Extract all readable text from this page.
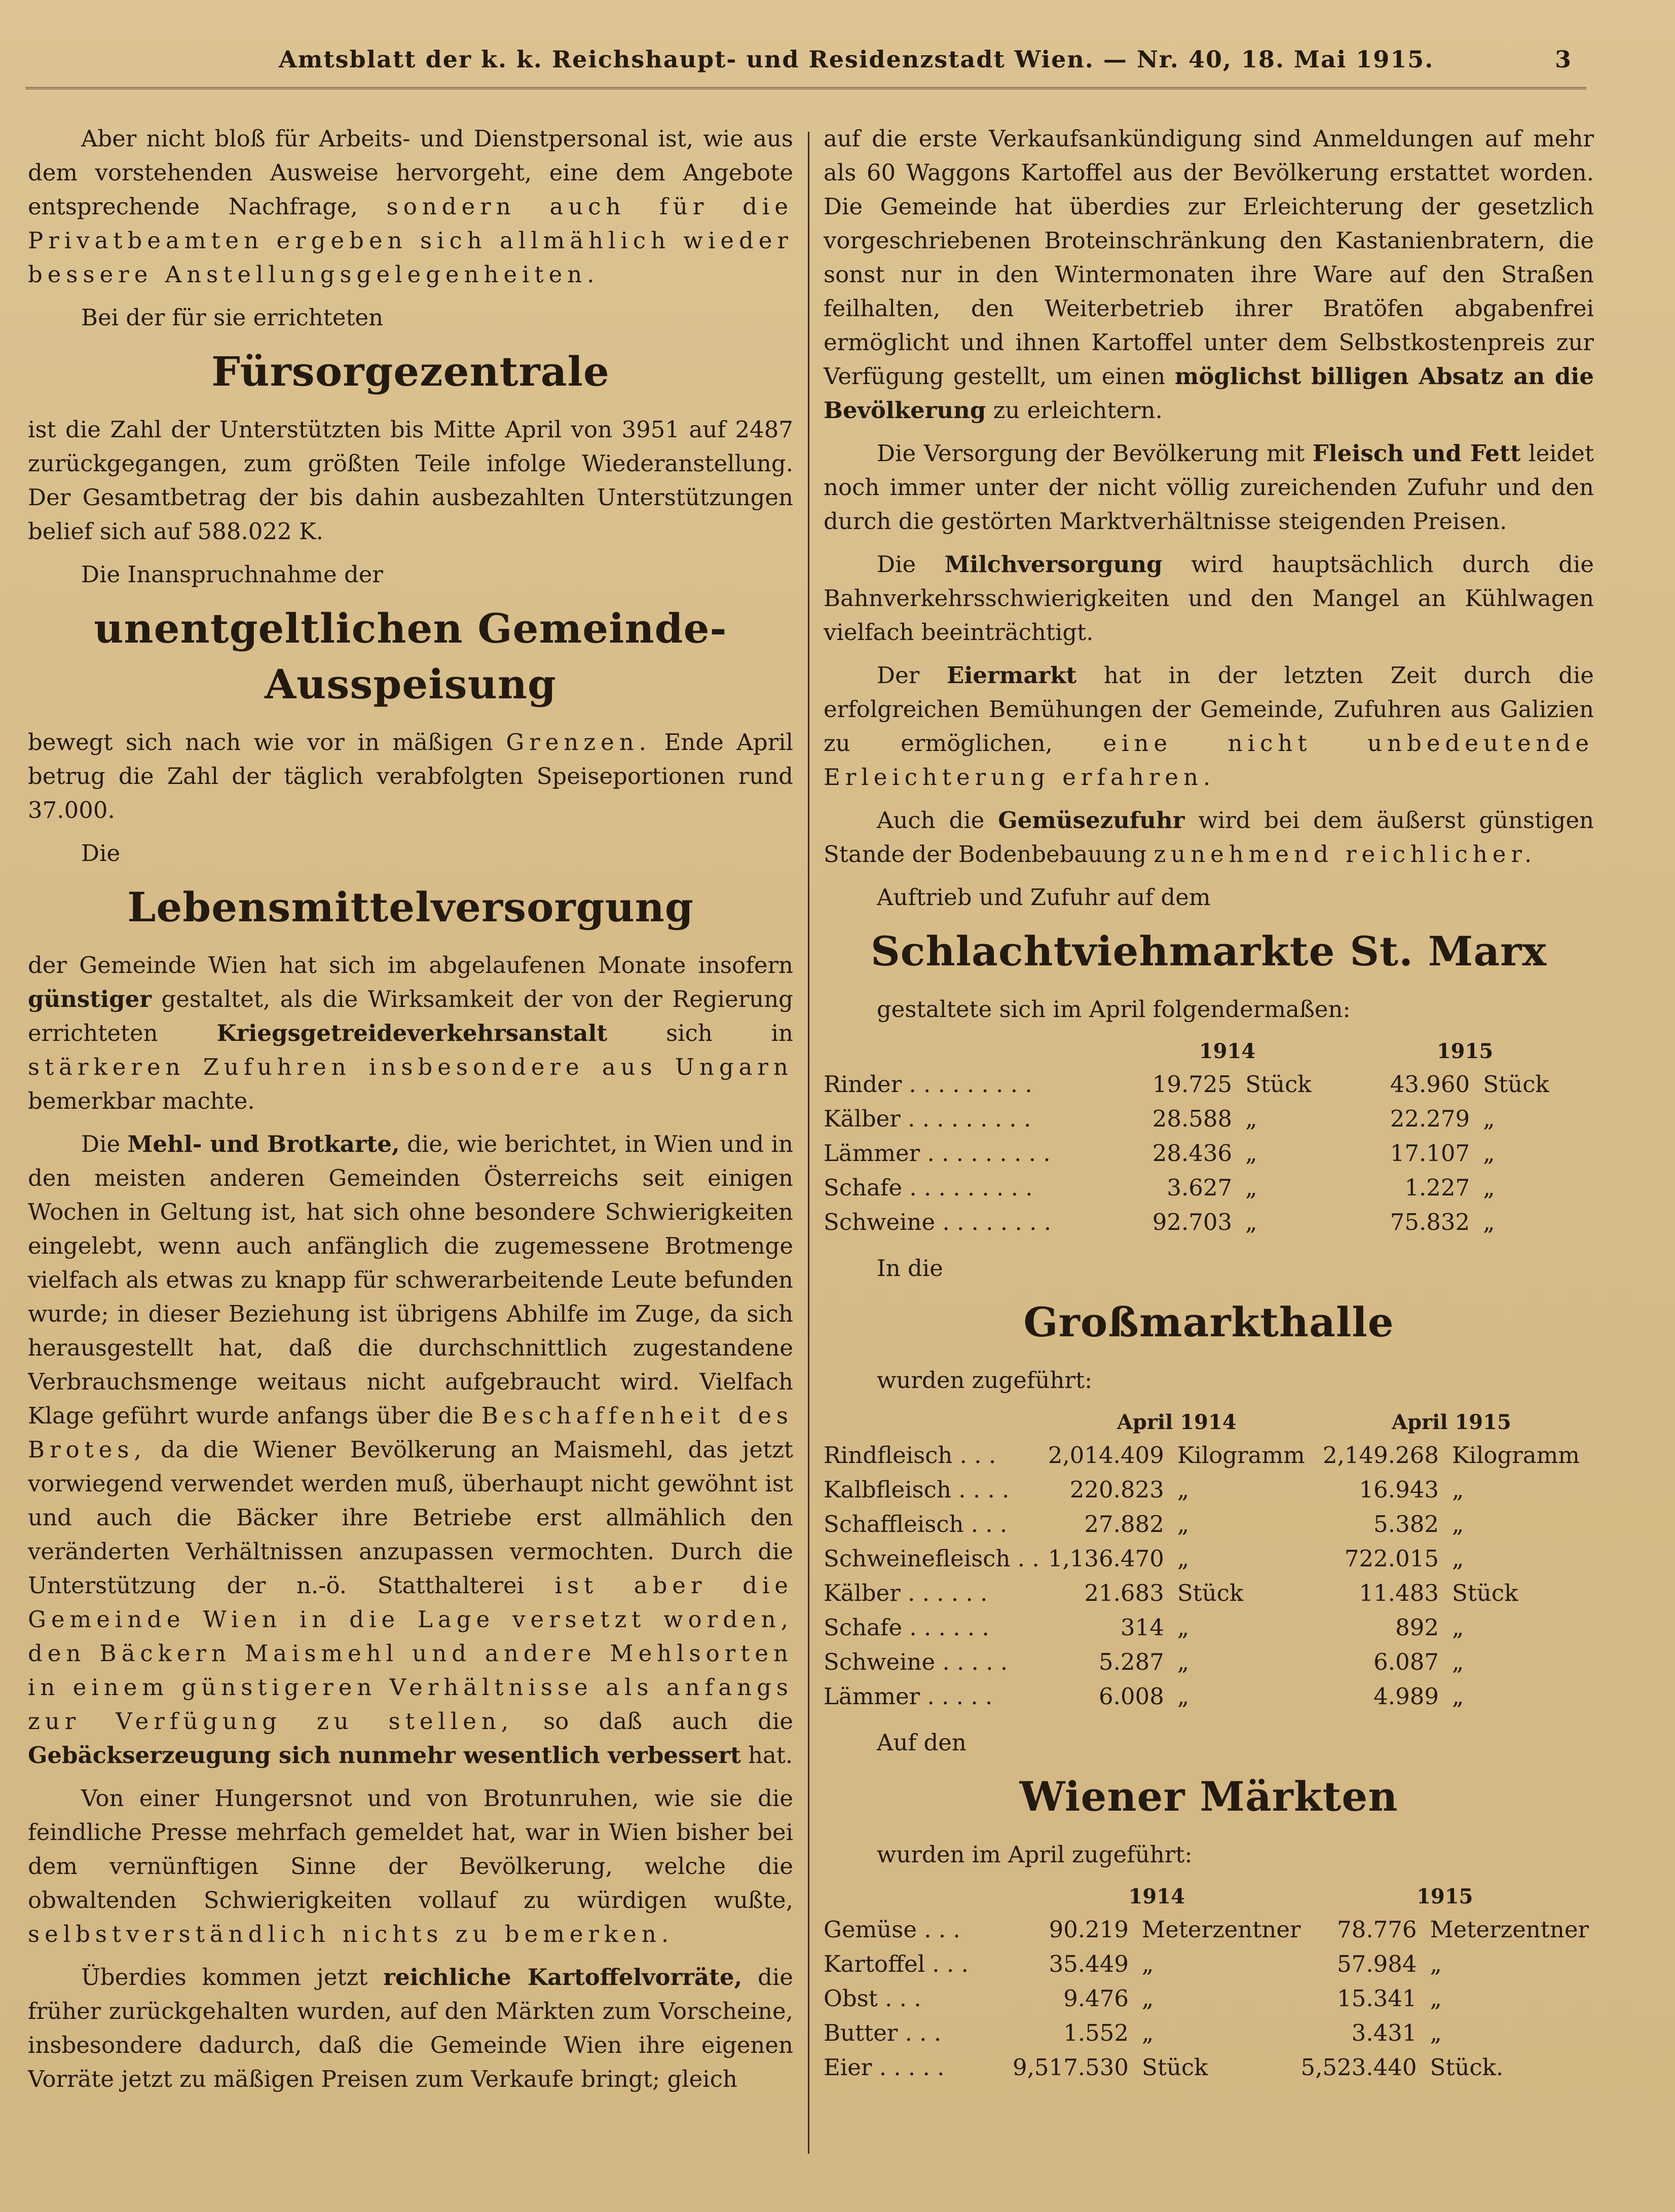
Amtsblatt der k. k. Reichshaupt- und Residenzstadt Wien. — Nr. 40, 18. Mai 1915.	3

Aber nicht bloß für Arbeits- und Dienstpersonal ist, wie aus dem vorstehenden Ausweise hervorgeht, eine dem Angebote entsprechende Nachfrage, sondern auch für die Privatbeamten ergeben sich allmählich wieder bessere Anstellungsgelegenheiten.

Bei der für sie errichteten

Fürsorgezentrale

ist die Zahl der Unterstützten bis Mitte April von 3951 auf 2487 zurückgegangen, zum größten Teile infolge Wiederanstellung. Der Gesamtbetrag der bis dahin ausbezahlten Unterstützungen belief sich auf 588.022 K.

Die Inanspruchnahme der

unentgeltlichen Gemeinde-Ausspeisung

bewegt sich nach wie vor in mäßigen Grenzen. Ende April betrug die Zahl der täglich verabfolgten Speiseportionen rund 37.000.

Die

Lebensmittelversorgung

der Gemeinde Wien hat sich im abgelaufenen Monate insofern günstiger gestaltet, als die Wirksamkeit der von der Regierung errichteten	Kriegsgetreideverkehrsanstalt	sich in stärkeren Zufuhren insbesondere aus Ungarn bemerkbar machte.

Die Mehl- und Brotkarte, die, wie berichtet, in Wien und in den meisten anderen Gemeinden Österreichs seit einigen Wochen in Geltung ist, hat sich ohne besondere Schwierigkeiten eingelebt, wenn auch anfänglich die zugemessene Brotmenge vielfach als etwas zu knapp für schwerarbeitende Leute befunden wurde; in dieser Beziehung ist übrigens Abhilfe im Zuge, da sich herausgestellt hat, daß die durchschnittlich zugestandene Verbrauchsmenge weitaus nicht aufgebraucht wird. Vielfach Klage geführt wurde anfangs über die Beschaffenheit des Brotes, da die Wiener Bevölkerung an Maismehl, das jetzt vorwiegend verwendet werden muß, überhaupt nicht gewöhnt ist und auch die Bäcker ihre Betriebe erst allmählich den veränderten Verhältnissen anzupassen vermochten. Durch die Unterstützung der n.-ö. Statthalterei ist aber die Gemeinde Wien in die Lage versetzt worden, den Bäckern Maismehl und andere Mehlsorten in einem günstigeren Verhältnisse als anfangs zur Verfügung zu stellen, so daß auch die Gebäckserzeugung sich nunmehr wesentlich verbessert hat.

Von einer Hungersnot und von Brotunruhen, wie sie die feindliche Presse mehrfach gemeldet hat, war in Wien bisher bei dem vernünftigen Sinne der Bevölkerung, welche die obwaltenden Schwierigkeiten vollauf zu würdigen wußte, selbstverständlich nichts zu bemerken.

Überdies kommen jetzt reichliche Kartoffelvorräte, die früher zurückgehalten wurden, auf den Märkten zum Vorscheine, insbesondere dadurch, daß die Gemeinde Wien ihre eigenen Vorräte jetzt zu mäßigen Preisen zum Verkaufe bringt; gleich

auf die erste Verkaufsankündigung sind Anmeldungen auf mehr als 60 Waggons Kartoffel aus der Bevölkerung erstattet worden. Die Gemeinde hat überdies zur Erleichterung der gesetzlich vorgeschriebenen Broteinschränkung den Kastanienbratern, die sonst nur in den Wintermonaten ihre Ware auf den Straßen feilhalten, den Weiterbetrieb ihrer Bratöfen abgabenfrei ermöglicht und ihnen Kartoffel unter dem Selbstkostenpreis zur Verfügung gestellt, um einen möglichst billigen Absatz an die Bevölkerung zu erleichtern.

Die Versorgung der Bevölkerung mit Fleisch und Fett leidet noch immer unter der nicht völlig zureichenden Zufuhr und den durch die gestörten Marktverhältnisse steigenden Preisen.

Die Milchversorgung wird hauptsächlich durch die Bahnverkehrsschwierigkeiten und den Mangel an Kühlwagen vielfach beeinträchtigt.

Der Eiermarkt hat in der letzten Zeit durch die erfolgreichen Bemühungen der Gemeinde, Zufuhren aus Galizien zu ermöglichen, eine nicht unbedeutende Erleichterung erfahren.

Auch die Gemüsezufuhr wird bei dem äußerst günstigen Stande der Bodenbebauung zunehmend reichlicher.

Auftrieb und Zufuhr auf dem

Schlachtviehmarkte St. Marx

gestaltete sich im April folgendermaßen:

	1914		1915	
Rinder . . . . . . . . .	19.725	Stück	43.960	Stück
Kälber . . . . . . . . .	28.588	„	22.279	„
Lämmer . . . . . . . . .	28.436	„	17.107	„
Schafe . . . . . . . . .	3.627	„	1.227	„
Schweine . . . . . . . .	92.703	„	75.832	„

In die

Großmarkthalle

wurden zugeführt:

	April 1914		April 1915	
Rindfleisch . . .	2,014.409	Kilogramm	2,149.268	Kilogramm
Kalbfleisch . . . .	220.823	„	16.943	„
Schaffleisch . . .	27.882	„	5.382	„
Schweinefleisch . .	1,136.470	„	722.015	„
Kälber . . . . . .	21.683	Stück	11.483	Stück
Schafe . . . . . .	314	„	892	„
Schweine . . . . .	5.287	„	6.087	„
Lämmer . . . . .	6.008	„	4.989	„

Auf den

Wiener Märkten

wurden im April zugeführt:

	1914		1915	
Gemüse . . .	90.219	Meterzentner	78.776	Meterzentner
Kartoffel . . .	35.449	„	57.984	„
Obst . . .	9.476	„	15.341	„
Butter . . .	1.552	„	3.431	„
Eier . . . . .	9,517.530	Stück	5,523.440	Stück.
